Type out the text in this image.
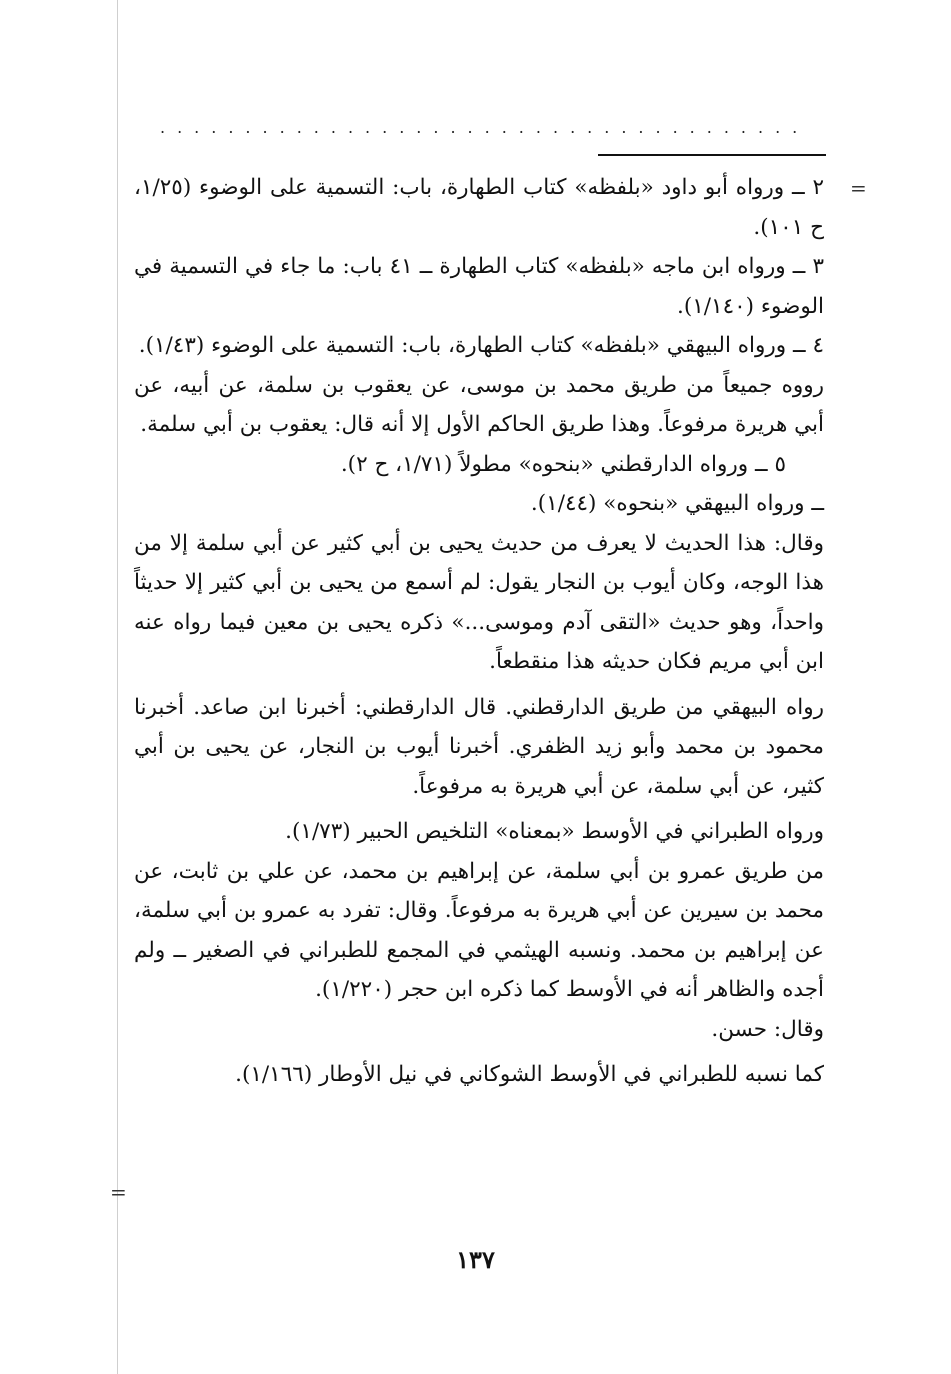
=
=
......................................

٢ ــ ورواه أبو داود «بلفظه» كتاب الطهارة، باب: التسمية على الوضوء (١/٢٥، ح ١٠١).

٣ ــ ورواه ابن ماجه «بلفظه» كتاب الطهارة ــ ٤١ باب: ما جاء في التسمية في الوضوء (١/١٤٠).

٤ ــ ورواه البيهقي «بلفظه» كتاب الطهارة، باب: التسمية على الوضوء (١/٤٣).

رووه جميعاً من طريق محمد بن موسى، عن يعقوب بن سلمة، عن أبيه، عن أبي هريرة مرفوعاً. وهذا طريق الحاكم الأول إلا أنه قال: يعقوب بن أبي سلمة.

٥ ــ ورواه الدارقطني «بنحوه» مطولاً (١/٧١، ح ٢).

ــ ورواه البيهقي «بنحوه» (١/٤٤).

وقال: هذا الحديث لا يعرف من حديث يحيى بن أبي كثير عن أبي سلمة إلا من هذا الوجه، وكان أيوب بن النجار يقول: لم أسمع من يحيى بن أبي كثير إلا حديثاً واحداً، وهو حديث «التقى آدم وموسى...» ذكره يحيى بن معين فيما رواه عنه ابن أبي مريم فكان حديثه هذا منقطعاً.

رواه البيهقي من طريق الدارقطني. قال الدارقطني: أخبرنا ابن صاعد. أخبرنا محمود بن محمد وأبو زيد الظفري. أخبرنا أيوب بن النجار، عن يحيى بن أبي كثير، عن أبي سلمة، عن أبي هريرة به مرفوعاً.

ورواه الطبراني في الأوسط «بمعناه» التلخيص الحبير (١/٧٣).

من طريق عمرو بن أبي سلمة، عن إبراهيم بن محمد، عن علي بن ثابت، عن محمد بن سيرين عن أبي هريرة به مرفوعاً. وقال: تفرد به عمرو بن أبي سلمة، عن إبراهيم بن محمد. ونسبه الهيثمي في المجمع للطبراني في الصغير ــ ولم أجده والظاهر أنه في الأوسط كما ذكره ابن حجر (١/٢٢٠).

وقال: حسن.

كما نسبه للطبراني في الأوسط الشوكاني في نيل الأوطار (١/١٦٦).

١٣٧
